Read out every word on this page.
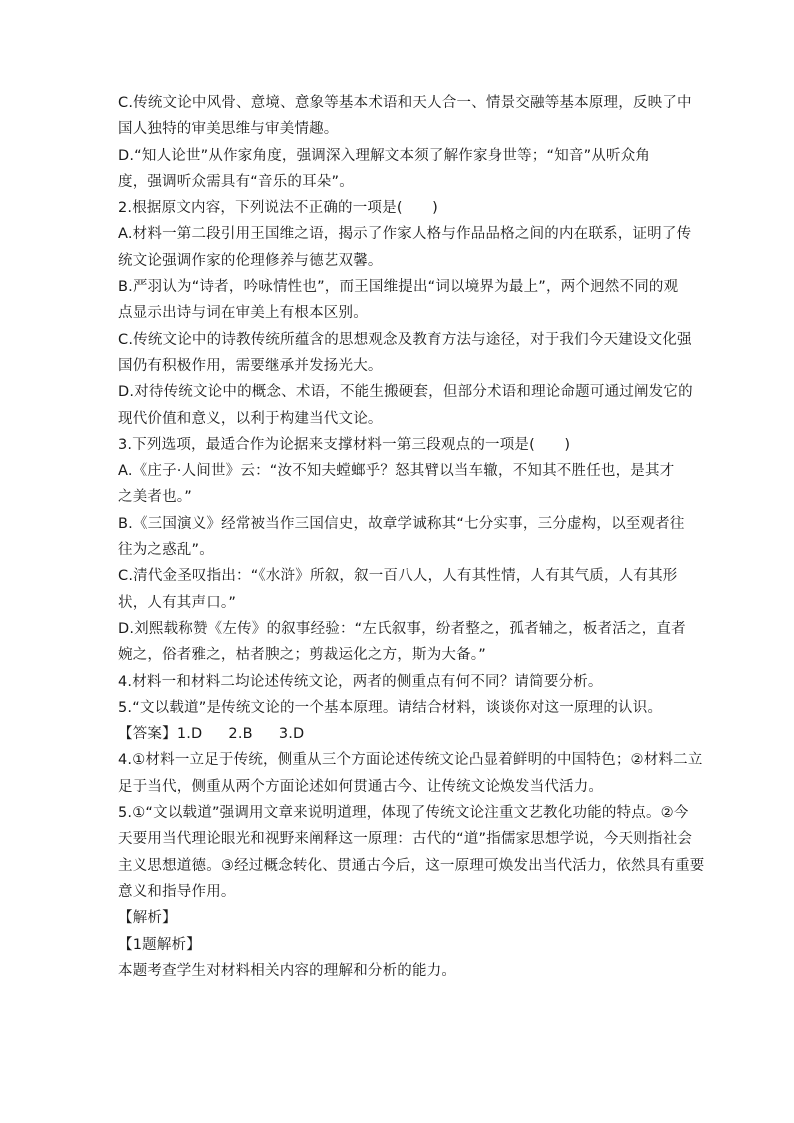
C.传统文论中风骨、意境、意象等基本术语和天人合一、情景交融等基本原理，反映了中
国人独特的审美思维与审美情趣。
D.“知人论世”从作家角度，强调深入理解文本须了解作家身世等；“知音”从听众角
度，强调听众需具有“音乐的耳朵”。
2.根据原文内容，下列说法不正确的一项是(　　)
A.材料一第二段引用王国维之语，揭示了作家人格与作品品格之间的内在联系，证明了传
统文论强调作家的伦理修养与德艺双馨。
B.严羽认为“诗者，吟咏情性也”，而王国维提出“词以境界为最上”，两个迥然不同的观
点显示出诗与词在审美上有根本区别。
C.传统文论中的诗教传统所蕴含的思想观念及教育方法与途径，对于我们今天建设文化强
国仍有积极作用，需要继承并发扬光大。
D.对待传统文论中的概念、术语，不能生搬硬套，但部分术语和理论命题可通过阐发它的
现代价值和意义，以利于构建当代文论。
3.下列选项，最适合作为论据来支撑材料一第三段观点的一项是(　　)
A.《庄子·人间世》云：“汝不知夫螳螂乎？怒其臂以当车辙，不知其不胜任也，是其才
之美者也。”
B.《三国演义》经常被当作三国信史，故章学诚称其“七分实事，三分虚构，以至观者往
往为之惑乱”。
C.清代金圣叹指出：“《水浒》所叙，叙一百八人，人有其性情，人有其气质，人有其形
状，人有其声口。”
D.刘熙载称赞《左传》的叙事经验：“左氏叙事，纷者整之，孤者辅之，板者活之，直者
婉之，俗者雅之，枯者腴之；剪裁运化之方，斯为大备。”
4.材料一和材料二均论述传统文论，两者的侧重点有何不同？请简要分析。
5.“文以载道”是传统文论的一个基本原理。请结合材料，谈谈你对这一原理的认识。
【答案】1.D 2.B 3.D
4.①材料一立足于传统，侧重从三个方面论述传统文论凸显着鲜明的中国特色；②材料二立
足于当代，侧重从两个方面论述如何贯通古今、让传统文论焕发当代活力。
5.①“文以载道”强调用文章来说明道理，体现了传统文论注重文艺教化功能的特点。②今
天要用当代理论眼光和视野来阐释这一原理：古代的“道”指儒家思想学说，今天则指社会
主义思想道德。③经过概念转化、贯通古今后，这一原理可焕发出当代活力，依然具有重要
意义和指导作用。
【解析】
【1题解析】
本题考查学生对材料相关内容的理解和分析的能力。
